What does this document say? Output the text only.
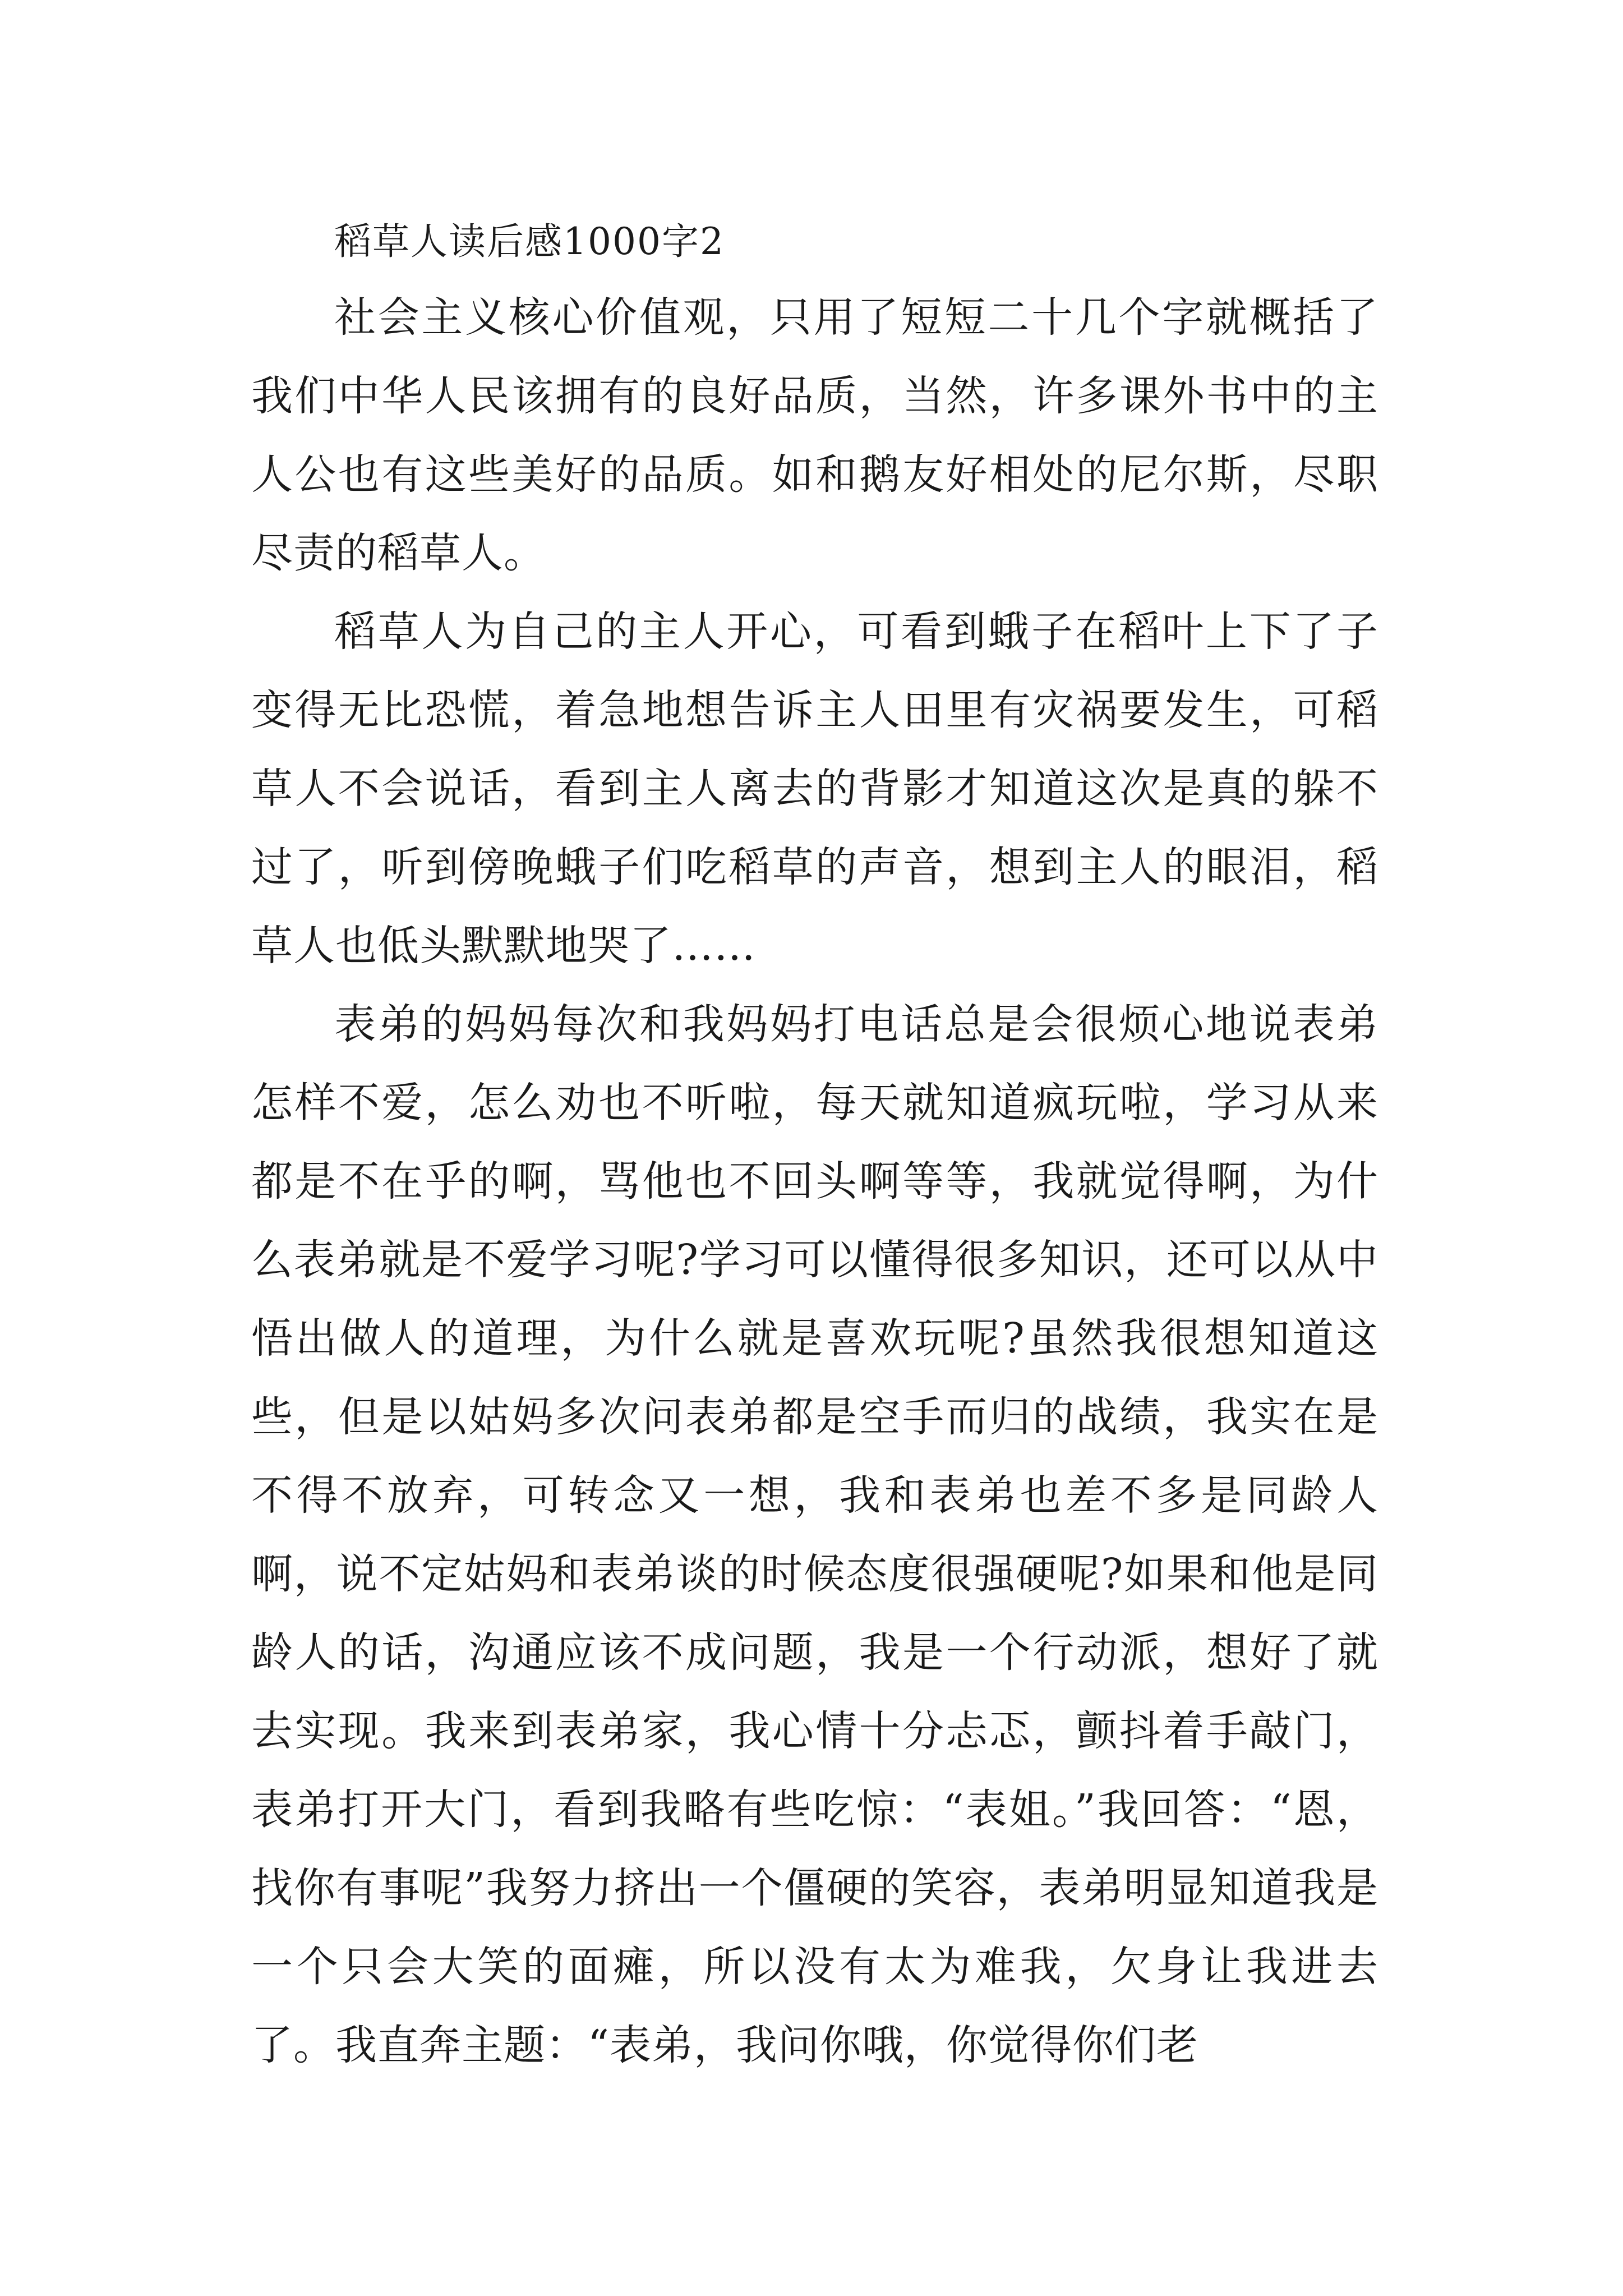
稻草人读后感1000字2

社会主义核心价值观，只用了短短二十几个字就概括了我们中华人民该拥有的良好品质，当然，许多课外书中的主人公也有这些美好的品质。如和鹅友好相处的尼尔斯，尽职尽责的稻草人。

稻草人为自己的主人开心，可看到蛾子在稻叶上下了子变得无比恐慌，着急地想告诉主人田里有灾祸要发生，可稻草人不会说话，看到主人离去的背影才知道这次是真的躲不过了，听到傍晚蛾子们吃稻草的声音，想到主人的眼泪，稻草人也低头默默地哭了……

表弟的妈妈每次和我妈妈打电话总是会很烦心地说表弟怎样不爱，怎么劝也不听啦，每天就知道疯玩啦，学习从来都是不在乎的啊，骂他也不回头啊等等，我就觉得啊，为什么表弟就是不爱学习呢?学习可以懂得很多知识，还可以从中悟出做人的道理，为什么就是喜欢玩呢?虽然我很想知道这些，但是以姑妈多次问表弟都是空手而归的战绩，我实在是不得不放弃，可转念又一想，我和表弟也差不多是同龄人啊，说不定姑妈和表弟谈的时候态度很强硬呢?如果和他是同龄人的话，沟通应该不成问题，我是一个行动派，想好了就去实现。我来到表弟家，我心情十分忐忑，颤抖着手敲门，表弟打开大门，看到我略有些吃惊：“表姐。”我回答：“恩，找你有事呢”我努力挤出一个僵硬的笑容，表弟明显知道我是一个只会大笑的面瘫，所以没有太为难我，欠身让我进去了。我直奔主题：“表弟，我问你哦，你觉得你们老
